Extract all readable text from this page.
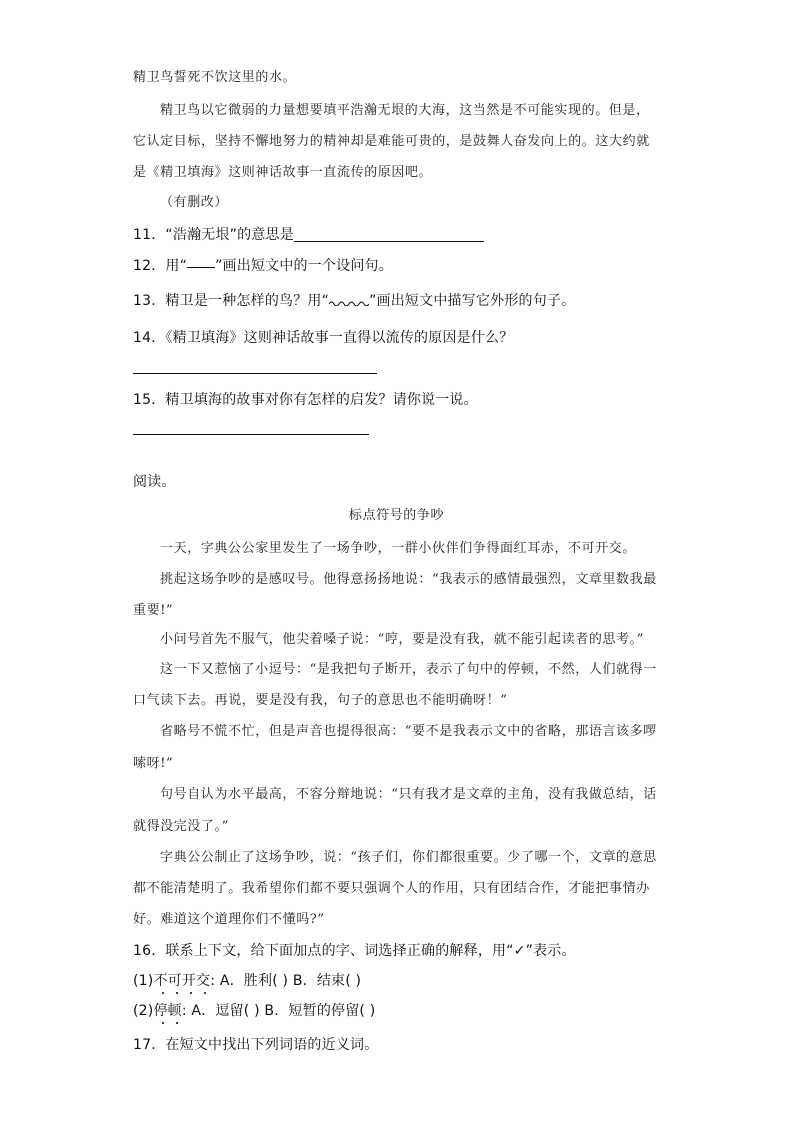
精卫鸟誓死不饮这里的水。
精卫鸟以它微弱的力量想要填平浩瀚无垠的大海，这当然是不可能实现的。但是，
它认定目标，坚持不懈地努力的精神却是难能可贵的，是鼓舞人奋发向上的。这大约就
是《精卫填海》这则神话故事一直流传的原因吧。
（有删改）
11．“浩瀚无垠”的意思是
12．用“ ”画出短文中的一个设问句。
13．精卫是一种怎样的鸟？用“	”画出短文中描写它外形的句子。
14．《精卫填海》这则神话故事一直得以流传的原因是什么？
15．精卫填海的故事对你有怎样的启发？请你说一说。
阅读。
标点符号的争吵
一天，字典公公家里发生了一场争吵，一群小伙伴们争得面红耳赤，不可开交。
挑起这场争吵的是感叹号。他得意扬扬地说：“我表示的感情最强烈，文章里数我最
重要!”
小问号首先不服气，他尖着嗓子说：“哼，要是没有我，就不能引起读者的思考。”
这一下又惹恼了小逗号：“是我把句子断开，表示了句中的停顿，不然，人们就得一
口气读下去。再说，要是没有我，句子的意思也不能明确呀！”
省略号不慌不忙，但是声音也提得很高：“要不是我表示文中的省略，那语言该多啰
嗦呀!”
句号自认为水平最高，不容分辩地说：“只有我才是文章的主角，没有我做总结，话
就得没完没了。”
字典公公制止了这场争吵，说：“孩子们，你们都很重要。少了哪一个，文章的意思
都不能清楚明了。我希望你们都不要只强调个人的作用，只有团结合作，才能把事情办
好。难道这个道理你们不懂吗?”
16．联系上下文，给下面加点的字、词选择正确的解释，用“✓”表示。
(1)不可开交: A．胜利( ) B．结束( )
(2)停顿: A．逗留( ) B．短暂的停留( )
17．在短文中找出下列词语的近义词。
